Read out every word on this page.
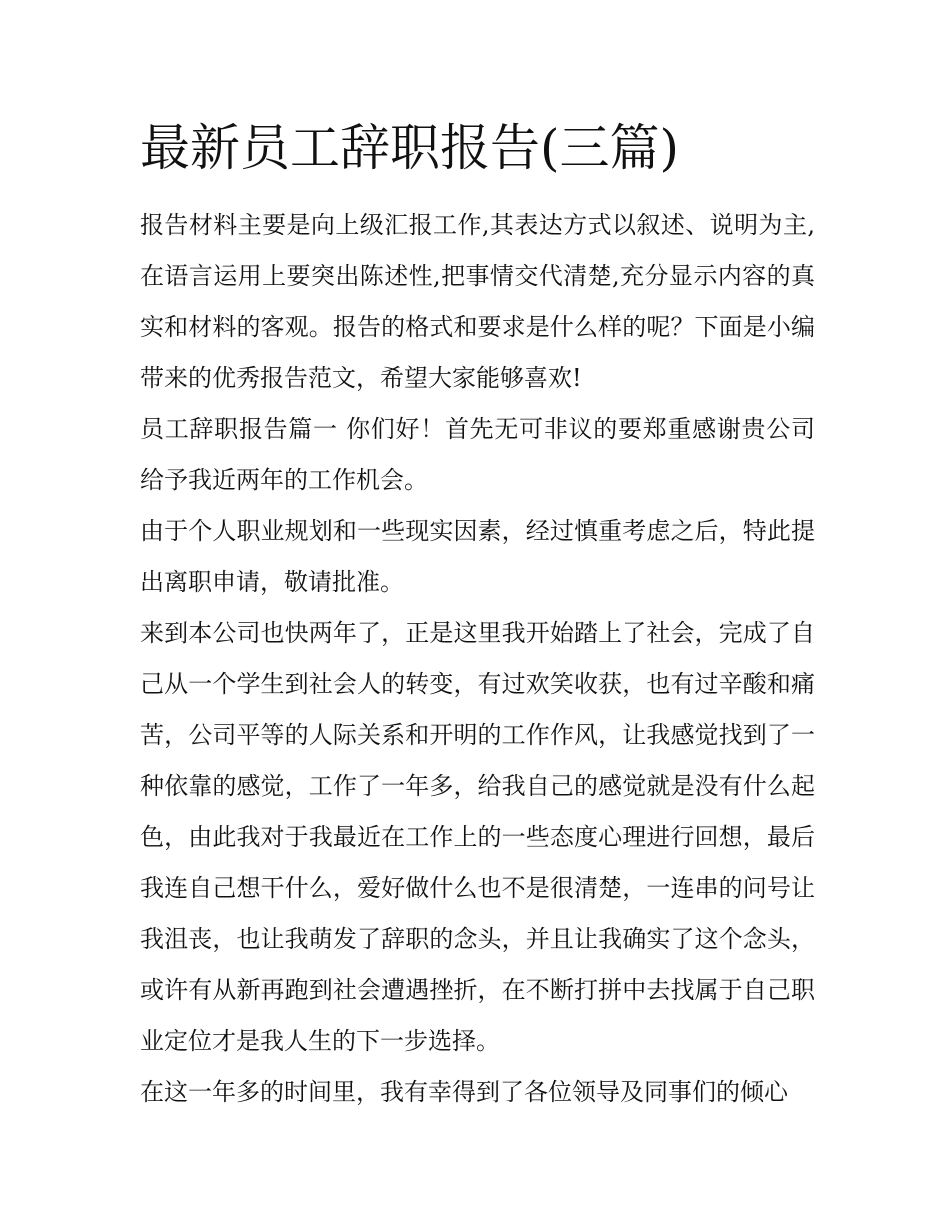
最新员工辞职报告(三篇)

报告材料主要是向上级汇报工作,其表达方式以叙述、说明为主,在语言运用上要突出陈述性,把事情交代清楚,充分显示内容的真实和材料的客观。报告的格式和要求是什么样的呢？下面是小编带来的优秀报告范文，希望大家能够喜欢!

员工辞职报告篇一 你们好！首先无可非议的要郑重感谢贵公司给予我近两年的工作机会。

由于个人职业规划和一些现实因素，经过慎重考虑之后，特此提出离职申请，敬请批准。

来到本公司也快两年了，正是这里我开始踏上了社会，完成了自己从一个学生到社会人的转变，有过欢笑收获，也有过辛酸和痛苦，公司平等的人际关系和开明的工作作风，让我感觉找到了一种依靠的感觉，工作了一年多，给我自己的感觉就是没有什么起色，由此我对于我最近在工作上的一些态度心理进行回想，最后我连自己想干什么，爱好做什么也不是很清楚，一连串的问号让我沮丧，也让我萌发了辞职的念头，并且让我确实了这个念头，或许有从新再跑到社会遭遇挫折，在不断打拼中去找属于自己职业定位才是我人生的下一步选择。

在这一年多的时间里，我有幸得到了各位领导及同事们的倾心
